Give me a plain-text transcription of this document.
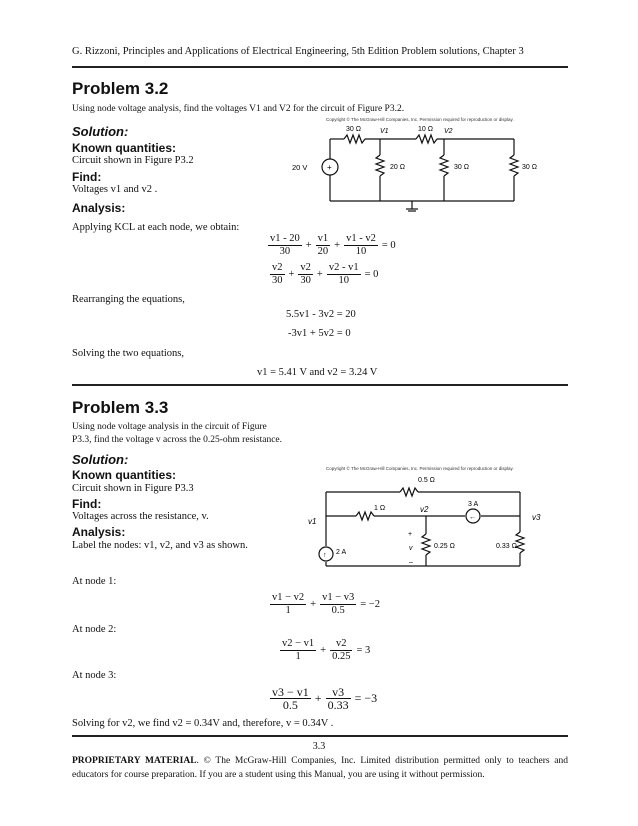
G. Rizzoni, Principles and Applications of Electrical Engineering, 5th Edition Problem solutions, Chapter 3
Problem 3.2
Using node voltage analysis, find the voltages V1 and V2 for the circuit of Figure P3.2.
Solution:
Known quantities:
Circuit shown in Figure P3.2
Find:
Voltages v1 and v2 .
Analysis:
Applying KCL at each node, we obtain:
Copyright © The McGraw-Hill Companies, Inc. Permission required for reproduction or display.
+
20 V
30 Ω	10 Ω
V1	V2
20 Ω	30 Ω	30 Ω
$\frac{v1 - 20}{30} + \frac{v1}{20} + \frac{v1 - v2}{10} = 0$
$\frac{v2}{30} + \frac{v2}{30} + \frac{v2 - v1}{10} = 0$
Rearranging the equations,
5.5v1 - 3v2 = 20
-3v1 + 5v2 = 0
Solving the two equations,
v1 = 5.41 V and v2 = 3.24 V
Problem 3.3
Using node voltage analysis in the circuit of Figure
P3.3, find the voltage v across the 0.25-ohm resistance.
Solution:
Known quantities:
Circuit shown in Figure P3.3
Find:
Voltages across the resistance, v.
Analysis:
Label the nodes: v1, v2, and v3 as shown.
Copyright © The McGraw-Hill Companies, Inc. Permission required for reproduction or display.
↑
←
0.5 Ω
1 Ω
3 A
2 A
0.25 Ω	0.33 Ω
+
v
–
v1
v2
v3
At node 1:
$\frac{v1 - v2}{1} + \frac{v1 - v3}{0.5} = -2$
At node 2:
$\frac{v2 - v1}{1} + \frac{v2}{0.25} = 3$
At node 3:
$\frac{v3 - v1}{0.5} + \frac{v3}{0.33} = -3$
Solving for v2, we find v2 = 0.34V and, therefore, v = 0.34V .
3.3
PROPRIETARY MATERIAL. © The McGraw-Hill Companies, Inc. Limited distribution permitted only to teachers and educators for course preparation. If you are a student using this Manual, you are using it without permission.
